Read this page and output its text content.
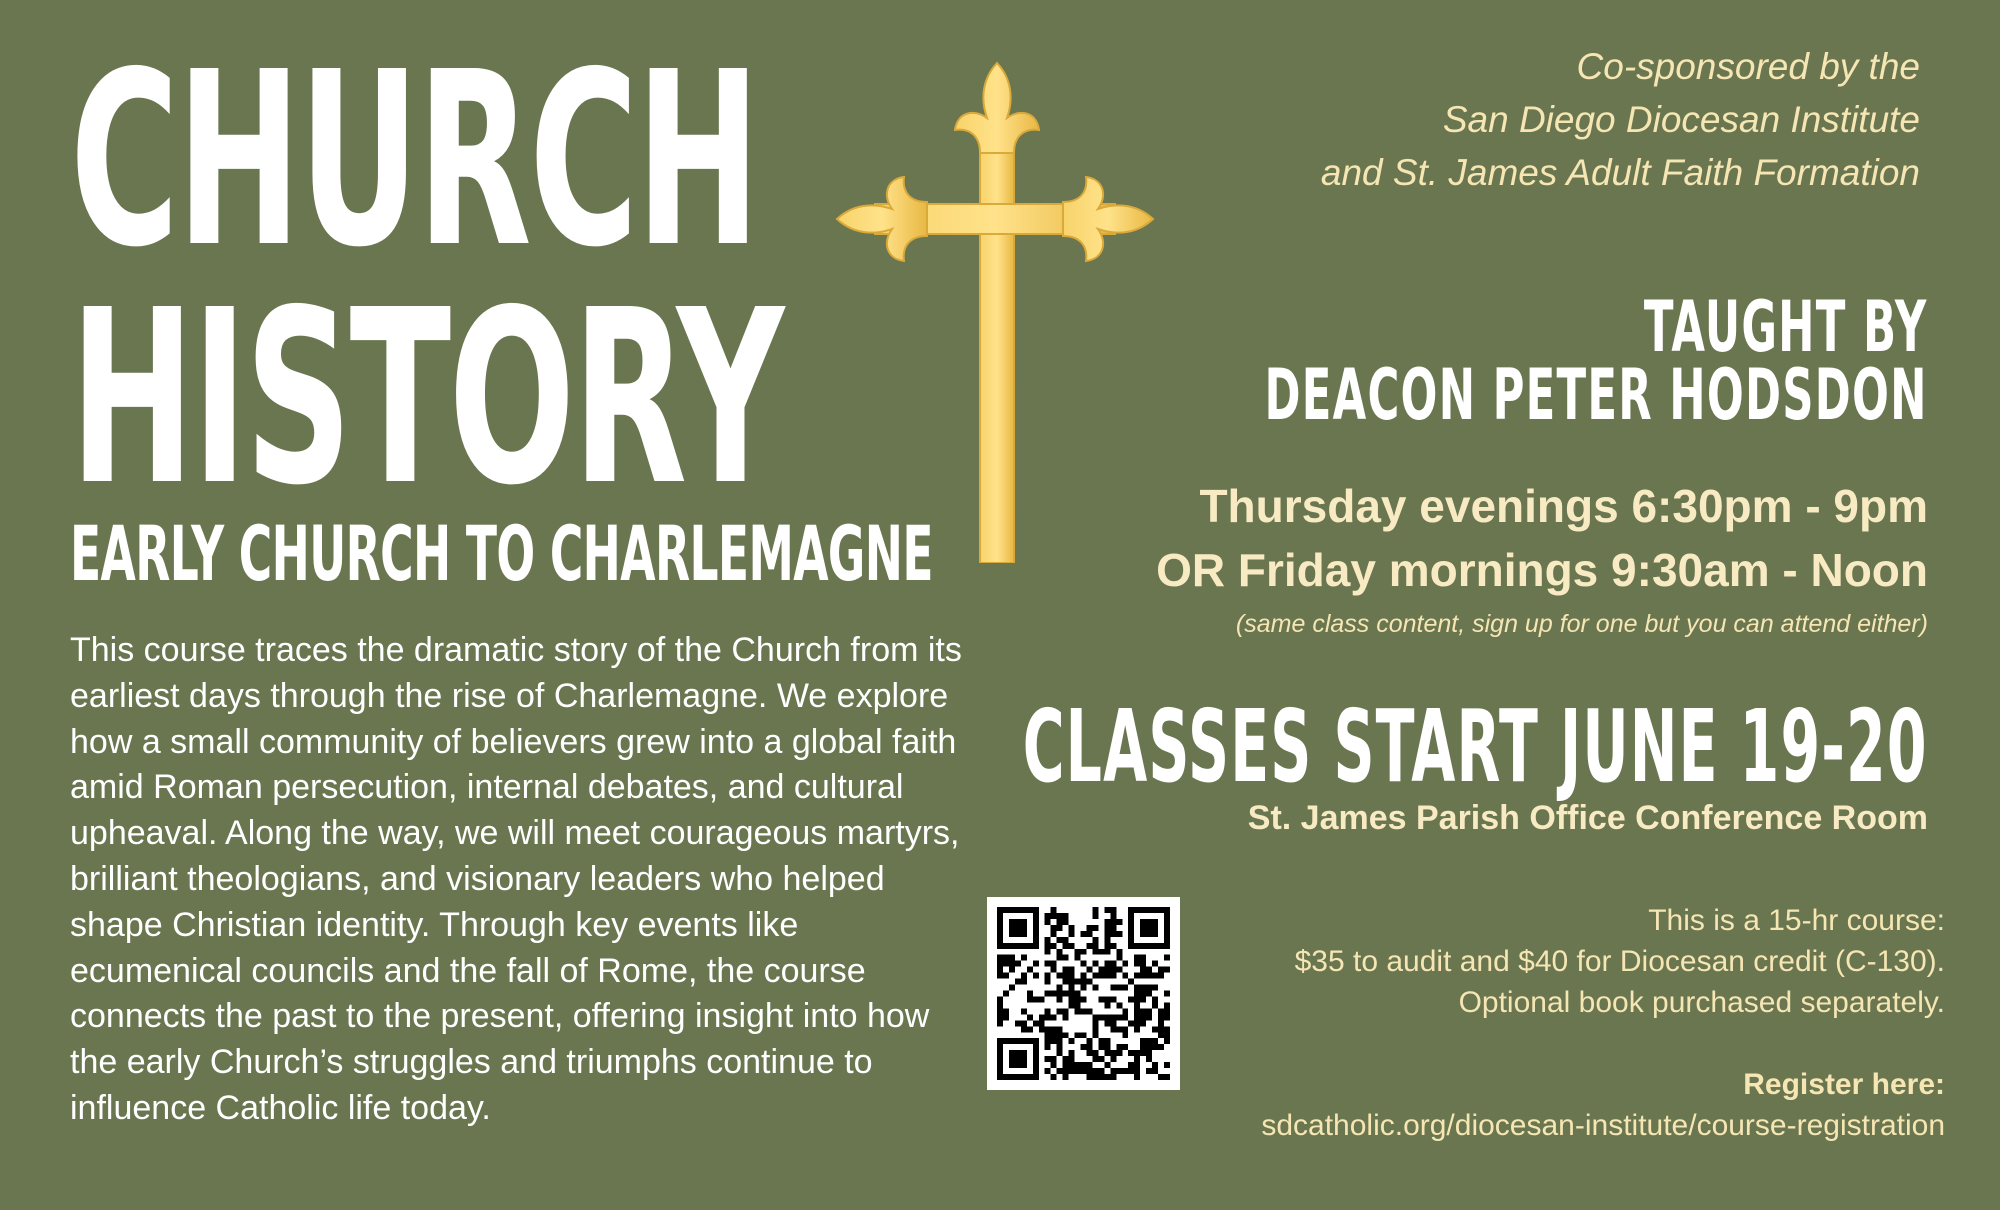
CHURCH
HISTORY
EARLY CHURCH TO CHARLEMAGNE

This course traces the dramatic story of the Church from its earliest days through the rise of Charlemagne. We explore how a small community of believers grew into a global faith amid Roman persecution, internal debates, and cultural upheaval. Along the way, we will meet courageous martyrs, brilliant theologians, and visionary leaders who helped shape Christian identity. Through key events like ecumenical councils and the fall of Rome, the course connects the past to the present, offering insight into how the early Church’s struggles and triumphs continue to influence Catholic life today.

Co-sponsored by the
San Diego Diocesan Institute
and St. James Adult Faith Formation
TAUGHT BY
DEACON PETER HODSDON
Thursday evenings 6:30pm - 9pm
OR Friday mornings 9:30am - Noon
(same class content, sign up for one but you can attend either)
CLASSES START JUNE 19-20
St. James Parish Office Conference Room
This is a 15-hr course:
$35 to audit and $40 for Diocesan credit (C-130).
Optional book purchased separately.
Register here:
sdcatholic.org/diocesan-institute/course-registration
